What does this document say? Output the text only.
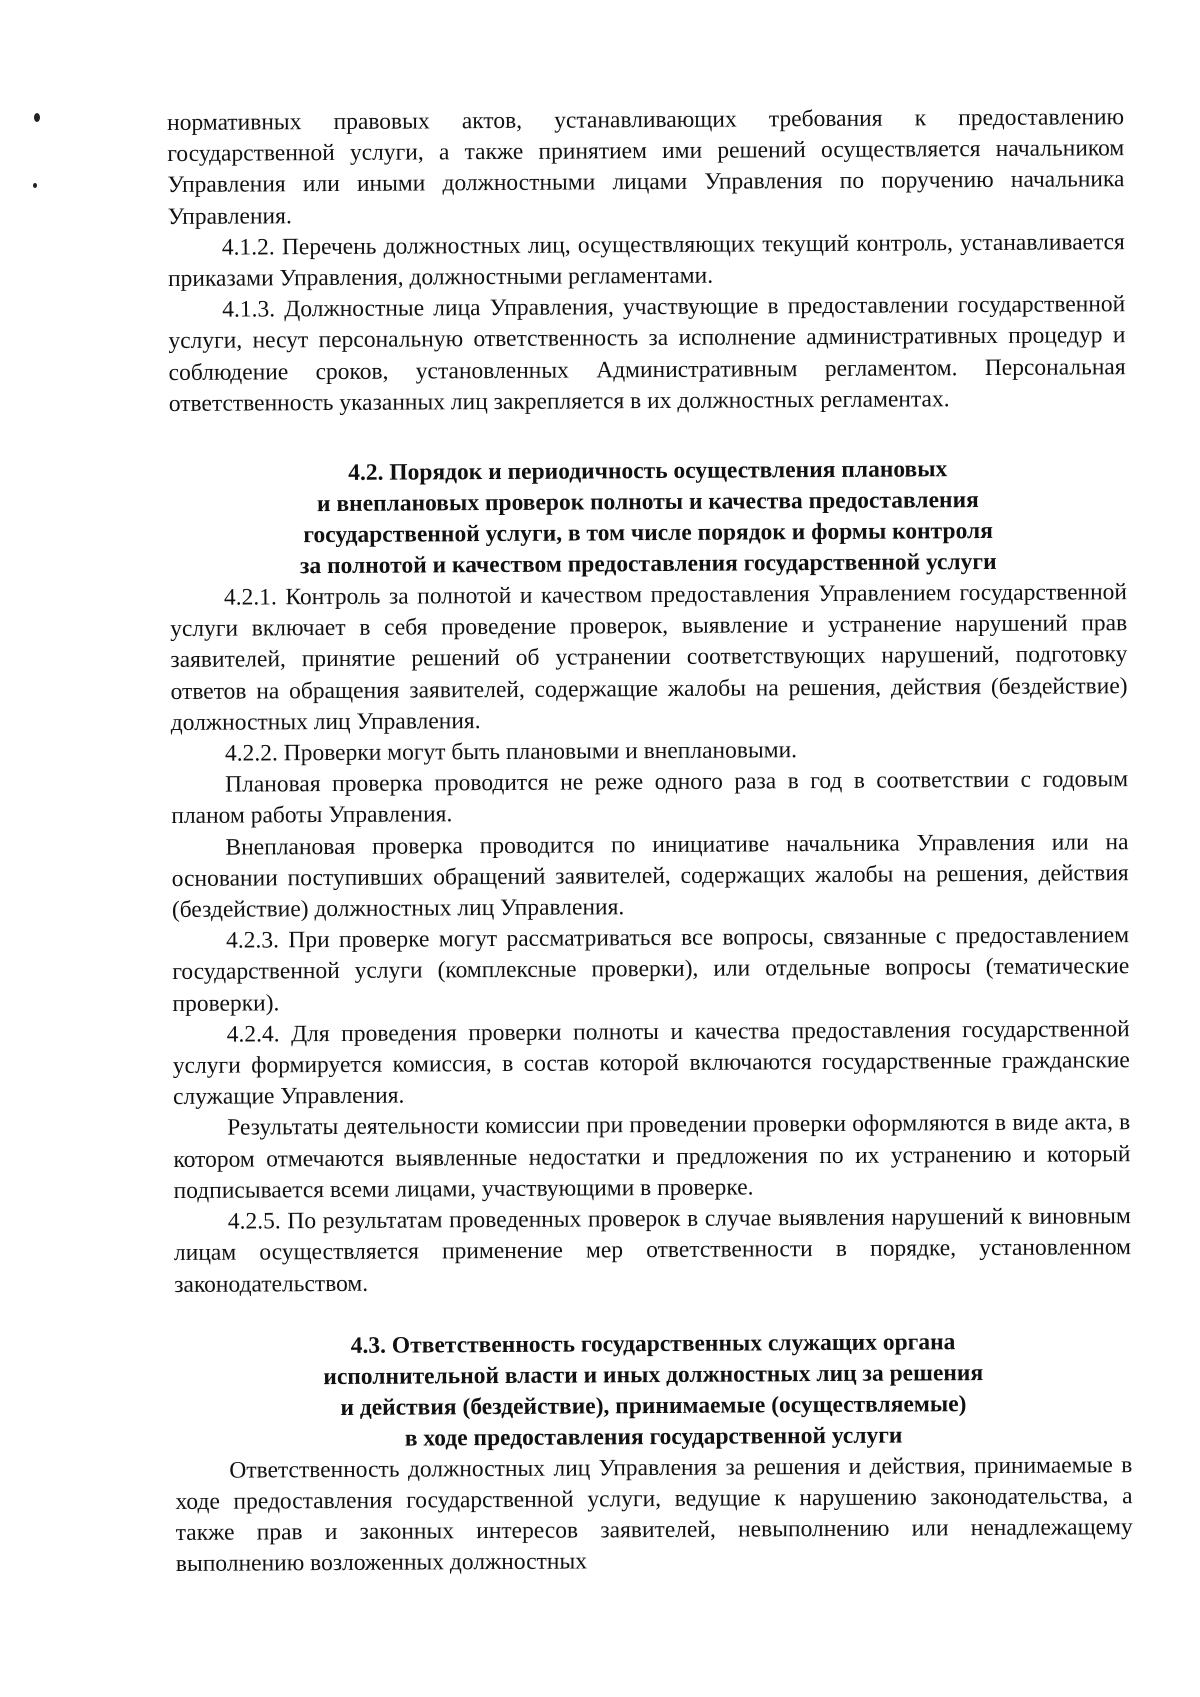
нормативных правовых актов, устанавливающих требования к предоставлению государственной услуги, а также принятием ими решений осуществляется начальником Управления или иными должностными лицами Управления по поручению начальника Управления.

4.1.2. Перечень должностных лиц, осуществляющих текущий контроль, устанавливается приказами Управления, должностными регламентами.

4.1.3. Должностные лица Управления, участвующие в предоставлении государственной услуги, несут персональную ответственность за исполнение административных процедур и соблюдение сроков, установленных Административным регламентом. Персональная ответственность указанных лиц закрепляется в их должностных регламентах.

4.2. Порядок и периодичность осуществления плановых
и внеплановых проверок полноты и качества предоставления
государственной услуги, в том числе порядок и формы контроля
за полнотой и качеством предоставления государственной услуги

4.2.1. Контроль за полнотой и качеством предоставления Управлением государственной услуги включает в себя проведение проверок, выявление и устранение нарушений прав заявителей, принятие решений об устранении соответствующих нарушений, подготовку ответов на обращения заявителей, содержащие жалобы на решения, действия (бездействие) должностных лиц Управления.

4.2.2. Проверки могут быть плановыми и внеплановыми.

Плановая проверка проводится не реже одного раза в год в соответствии с годовым планом работы Управления.

Внеплановая проверка проводится по инициативе начальника Управления или на основании поступивших обращений заявителей, содержащих жалобы на решения, действия (бездействие) должностных лиц Управления.

4.2.3. При проверке могут рассматриваться все вопросы, связанные с предоставлением государственной услуги (комплексные проверки), или отдельные вопросы (тематические проверки).

4.2.4. Для проведения проверки полноты и качества предоставления государственной услуги формируется комиссия, в состав которой включаются государственные гражданские служащие Управления.

Результаты деятельности комиссии при проведении проверки оформляются в виде акта, в котором отмечаются выявленные недостатки и предложения по их устранению и который подписывается всеми лицами, участвующими в проверке.

4.2.5. По результатам проведенных проверок в случае выявления нарушений к виновным лицам осуществляется применение мер ответственности в порядке, установленном законодательством.

4.3. Ответственность государственных служащих органа
исполнительной власти и иных должностных лиц за решения
и действия (бездействие), принимаемые (осуществляемые)
в ходе предоставления государственной услуги

Ответственность должностных лиц Управления за решения и действия, принимаемые в ходе предоставления государственной услуги, ведущие к нарушению законодательства, а также прав и законных интересов заявителей, невыполнению или ненадлежащему выполнению возложенных должностных
